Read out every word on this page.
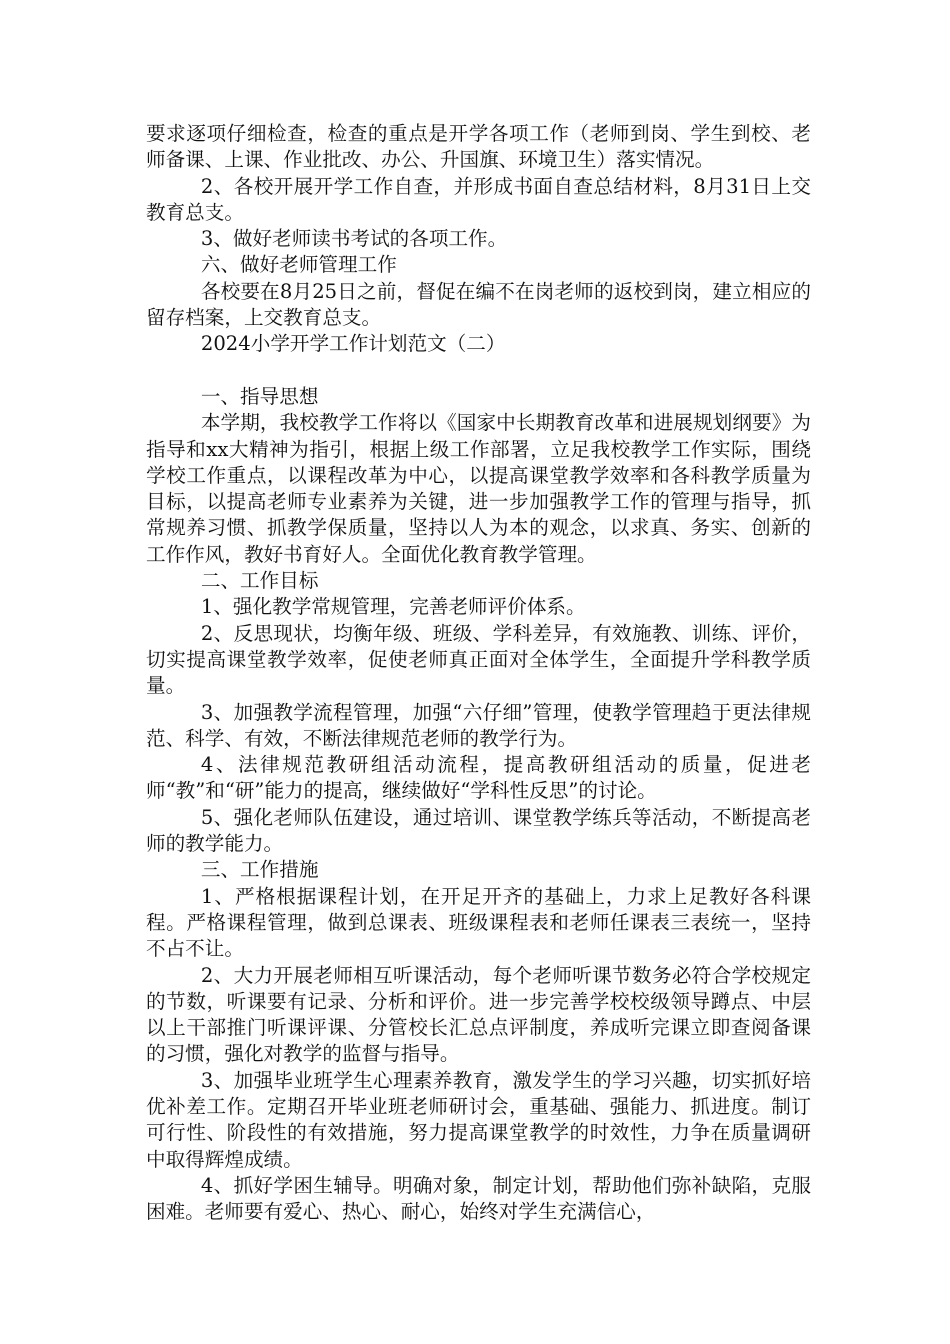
要求逐项仔细检查，检查的重点是开学各项工作（老师到岗、学生到校、老师备课、上课、作业批改、办公、升国旗、环境卫生）落实情况。

2、各校开展开学工作自查，并形成书面自查总结材料，8月31日上交教育总支。

3、做好老师读书考试的各项工作。

六、做好老师管理工作

各校要在8月25日之前，督促在编不在岗老师的返校到岗，建立相应的留存档案，上交教育总支。

2024小学开学工作计划范文（二）

一、指导思想

本学期，我校教学工作将以《国家中长期教育改革和进展规划纲要》为指导和xx大精神为指引，根据上级工作部署，立足我校教学工作实际，围绕学校工作重点，以课程改革为中心，以提高课堂教学效率和各科教学质量为目标，以提高老师专业素养为关键，进一步加强教学工作的管理与指导，抓常规养习惯、抓教学保质量，坚持以人为本的观念，以求真、务实、创新的工作作风，教好书育好人。全面优化教育教学管理。

二、工作目标

1、强化教学常规管理，完善老师评价体系。

2、反思现状，均衡年级、班级、学科差异，有效施教、训练、评价，切实提高课堂教学效率，促使老师真正面对全体学生，全面提升学科教学质量。

3、加强教学流程管理，加强“六仔细”管理，使教学管理趋于更法律规范、科学、有效，不断法律规范老师的教学行为。

4、法律规范教研组活动流程，提高教研组活动的质量，促进老师“教”和“研”能力的提高，继续做好“学科性反思”的讨论。

5、强化老师队伍建设，通过培训、课堂教学练兵等活动，不断提高老师的教学能力。

三、工作措施

1、严格根据课程计划，在开足开齐的基础上，力求上足教好各科课程。严格课程管理，做到总课表、班级课程表和老师任课表三表统一，坚持不占不让。

2、大力开展老师相互听课活动，每个老师听课节数务必符合学校规定的节数，听课要有记录、分析和评价。进一步完善学校校级领导蹲点、中层以上干部推门听课评课、分管校长汇总点评制度，养成听完课立即查阅备课的习惯，强化对教学的监督与指导。

3、加强毕业班学生心理素养教育，激发学生的学习兴趣，切实抓好培优补差工作。定期召开毕业班老师研讨会，重基础、强能力、抓进度。制订可行性、阶段性的有效措施，努力提高课堂教学的时效性，力争在质量调研中取得辉煌成绩。

4、抓好学困生辅导。明确对象，制定计划，帮助他们弥补缺陷，克服困难。老师要有爱心、热心、耐心，始终对学生充满信心，
